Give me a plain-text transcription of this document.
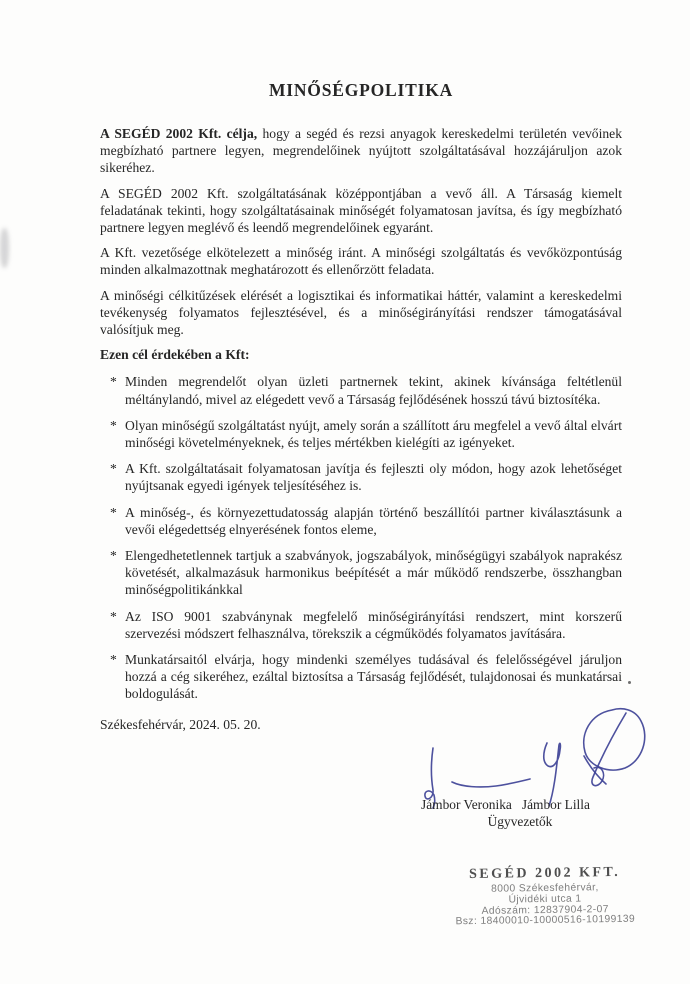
MINŐSÉGPOLITIKA

A SEGÉD 2002 Kft. célja, hogy a segéd és rezsi anyagok kereskedelmi területén vevőinek megbízható partnere legyen, megrendelőinek nyújtott szolgáltatásával hozzájáruljon azok sikeréhez.

A SEGÉD 2002 Kft. szolgáltatásának középpontjában a vevő áll. A Társaság kiemelt feladatának tekinti, hogy szolgáltatásainak minőségét folyamatosan javítsa, és így megbízható partnere legyen meglévő és leendő megrendelőinek egyaránt.

A Kft. vezetősége elkötelezett a minőség iránt. A minőségi szolgáltatás és vevőközpontúság minden alkalmazottnak meghatározott és ellenőrzött feladata.

A minőségi célkitűzések elérését a logisztikai és informatikai háttér, valamint a kereskedelmi tevékenység folyamatos fejlesztésével, és a minőségirányítási rendszer támogatásával valósítjuk meg.

Ezen cél érdekében a Kft:

* Minden megrendelőt olyan üzleti partnernek tekint, akinek kívánsága feltétlenül méltánylandó, mivel az elégedett vevő a Társaság fejlődésének hosszú távú biztosítéka.
* Olyan minőségű szolgáltatást nyújt, amely során a szállított áru megfelel a vevő által elvárt minőségi követelményeknek, és teljes mértékben kielégíti az igényeket.
* A Kft. szolgáltatásait folyamatosan javítja és fejleszti oly módon, hogy azok lehetőséget nyújtsanak egyedi igények teljesítéséhez is.
* A minőség-, és környezettudatosság alapján történő beszállítói partner kiválasztásunk a vevői elégedettség elnyerésének fontos eleme,
* Elengedhetetlennek tartjuk a szabványok, jogszabályok, minőségügyi szabályok naprakész követését, alkalmazásuk harmonikus beépítését a már működő rendszerbe, összhangban minőségpolitikánkkal
* Az ISO 9001 szabványnak megfelelő minőségirányítási rendszert, mint korszerű szervezési módszert felhasználva, törekszik a cégműködés folyamatos javítására.
* Munkatársaitól elvárja, hogy mindenki személyes tudásával és felelősségével járuljon hozzá a cég sikeréhez, ezáltal biztosítsa a Társaság fejlődését, tulajdonosai és munkatársai boldogulását.

Székesfehérvár, 2024. 05. 20.

Jámbor Veronika Jámbor Lilla
Ügyvezetők
SEGÉD 2002 KFT.
8000 Székesfehérvár,
Újvidéki utca 1
Adószám: 12837904-2-07
Bsz: 18400010-10000516-10199139
